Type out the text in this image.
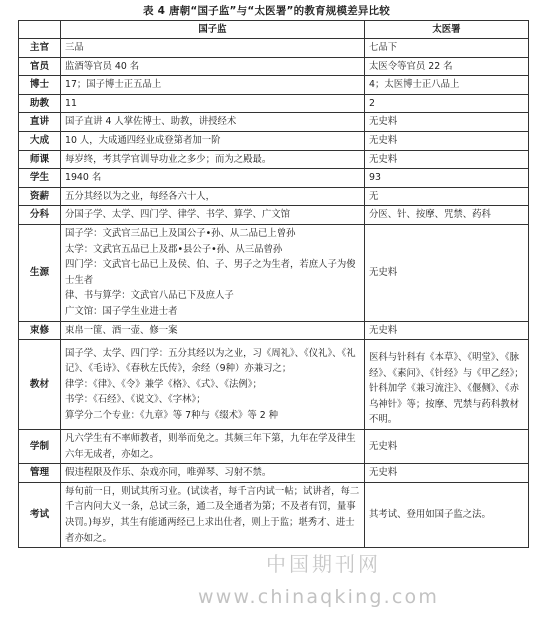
表 4 唐朝“国子监”与“太医署”的教育规模差异比较
	国子监	太医署
主官	三品	七品下
官员	监酒等官员 40 名	太医令等官员 22 名
博士	17；国子博士正五品上	4；太医博士正八品上
助教	11	2
直讲	国子直讲 4 人掌佐博士、助教，讲授经术	无史料
大成	10 人，大成通四经业成登第者加一阶	无史料
师课	每岁终，考其学官训导功业之多少；而为之殿最。	无史料
学生	1940 名	93
资薪	五分其经以为之业，每经各六十人，	无
分科	分国子学、太学、四门学、律学、书学、算学、广文馆	分医、针、按摩、咒禁、药科
生源	国子学：文武官三品已上及国公子•孙、从二品已上曾孙
太学：文武官五品已上及郡•县公子•孙、从三品曾孙
四门学：文武官七品已上及侯、伯、子、男子之为生者，若庶人子为俊士生者
律、书与算学：文武官八品已下及庶人子
广文馆：国子学生业进士者	无史料
束修	束帛一篚、酒一壶、修一案	无史料
教材	国子学、太学、四门学：五分其经以为之业，习《周礼》、《仪礼》、《礼记》、《毛诗》、《春秋左氏传》，余经（9种）亦兼习之；
律学：《律》、《令》兼学《格》、《式》、《法例》；
书学：《石经》、《说文》、《字林》；
算学分二个专业：《九章》等 7种与《缀术》等 2 种	医科与针科有《本草》、《明堂》、《脉经》、《素问》、《针经》与《甲乙经》；针科加学《兼习流注》、《偃侧》、《赤乌神针》等；按摩、咒禁与药科教材不明。
学制	凡六学生有不率师教者，则举而免之。其频三年下第，九年在学及律生六年无成者，亦如之。	无史料
管理	假违程限及作乐、杂戏亦同，唯弹琴、习射不禁。	无史料
考试	每旬前一日，则试其所习业。(试读者，每千言内试一帖；试讲者，每二千言内问大义一条，总试三条，通二及全通者为第；不及者有罚，量事决罚。)每岁，其生有能通两经已上求出仕者，则上于监；堪秀才、进士者亦如之。	其考试、登用如国子监之法。
中国期刊网
www.chinaqking.com
